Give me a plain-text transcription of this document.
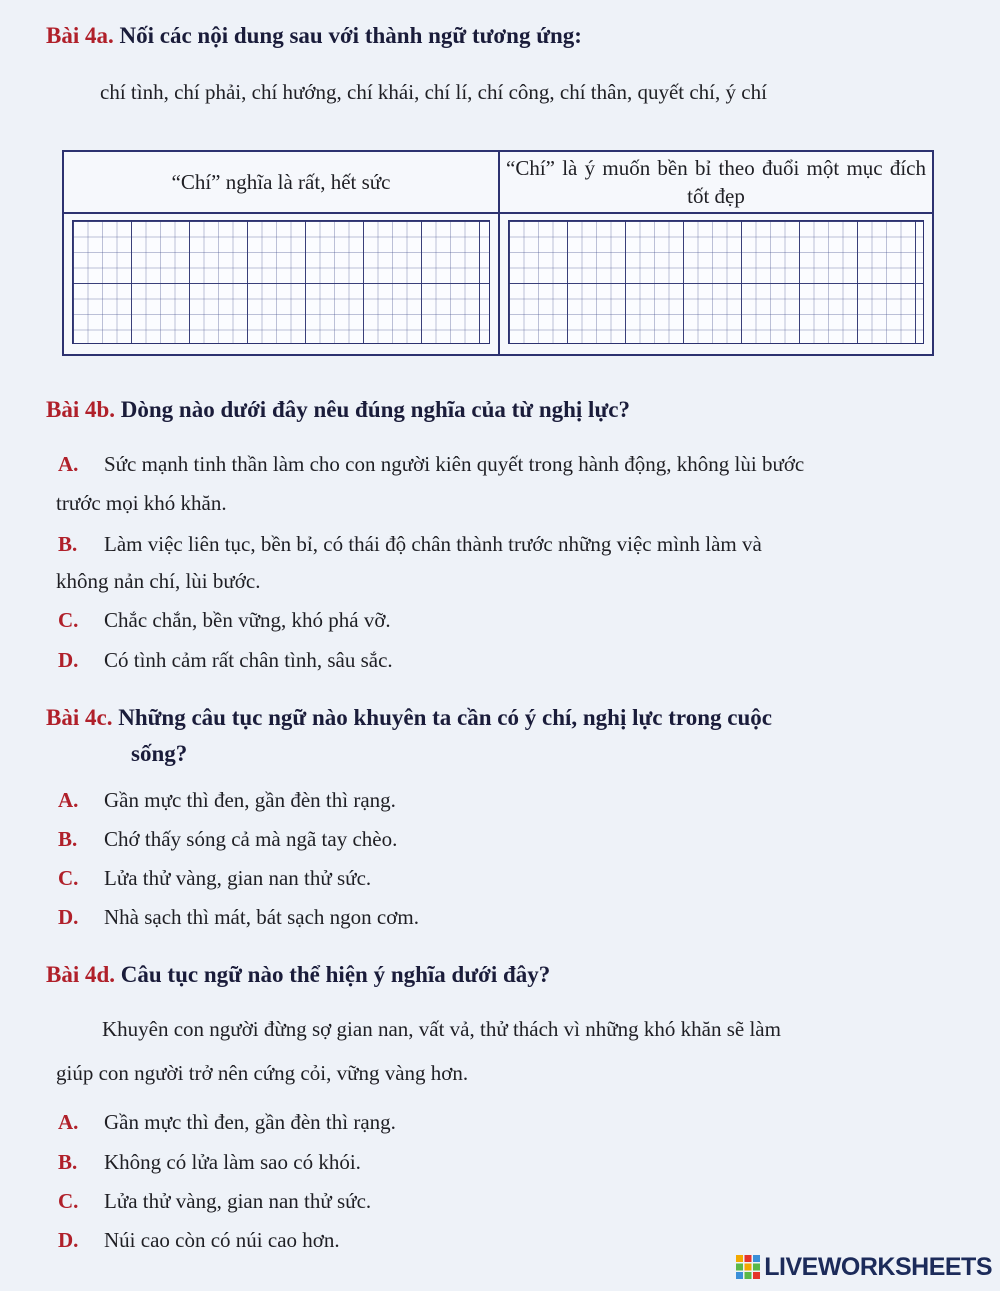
Bài 4a. Nối các nội dung sau với thành ngữ tương ứng:
chí tình, chí phải, chí hướng, chí khái, chí lí, chí công, chí thân, quyết chí, ý chí
“Chí” nghĩa là rất, hết sức
“Chí” là ý muốn bền bỉ theo đuổi một mục đích tốt đẹp
Bài 4b. Dòng nào dưới đây nêu đúng nghĩa của từ nghị lực?
A. Sức mạnh tinh thần làm cho con người kiên quyết trong hành động, không lùi bước
trước mọi khó khăn.
B. Làm việc liên tục, bền bỉ, có thái độ chân thành trước những việc mình làm và
không nản chí, lùi bước.
C. Chắc chắn, bền vững, khó phá vỡ.
D. Có tình cảm rất chân tình, sâu sắc.
Bài 4c. Những câu tục ngữ nào khuyên ta cần có ý chí, nghị lực trong cuộc
sống?
A. Gần mực thì đen, gần đèn thì rạng.
B. Chớ thấy sóng cả mà ngã tay chèo.
C. Lửa thử vàng, gian nan thử sức.
D. Nhà sạch thì mát, bát sạch ngon cơm.
Bài 4d. Câu tục ngữ nào thể hiện ý nghĩa dưới đây?
Khuyên con người đừng sợ gian nan, vất vả, thử thách vì những khó khăn sẽ làm
giúp con người trở nên cứng cỏi, vững vàng hơn.
A. Gần mực thì đen, gần đèn thì rạng.
B. Không có lửa làm sao có khói.
C. Lửa thử vàng, gian nan thử sức.
D. Núi cao còn có núi cao hơn.
LIVEWORKSHEETS
